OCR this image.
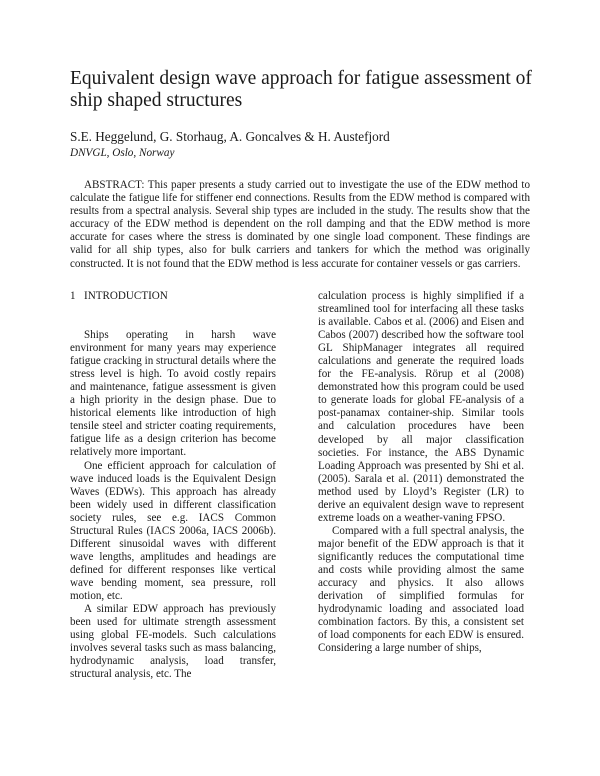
Equivalent design wave approach for fatigue assessment of ship shaped structures
S.E. Heggelund, G. Storhaug, A. Goncalves & H. Austefjord
DNVGL, Oslo, Norway

ABSTRACT: This paper presents a study carried out to investigate the use of the EDW method to calculate the fatigue life for stiffener end connections. Results from the EDW method is compared with results from a spectral analysis. Several ship types are included in the study. The results show that the accuracy of the EDW method is dependent on the roll damping and that the EDW method is more accurate for cases where the stress is dominated by one single load component. These findings are valid for all ship types, also for bulk carriers and tankers for which the method was originally constructed. It is not found that the EDW method is less accurate for container vessels or gas carriers.

1 INTRODUCTION

Ships operating in harsh wave environment for many years may experience fatigue cracking in structural details where the stress level is high. To avoid costly repairs and maintenance, fatigue assessment is given a high priority in the design phase. Due to historical elements like introduction of high tensile steel and stricter coating requirements, fatigue life as a design criterion has become relatively more important.

One efficient approach for calculation of wave induced loads is the Equivalent Design Waves (EDWs). This approach has already been widely used in different classification society rules, see e.g. IACS Common Structural Rules (IACS 2006a, IACS 2006b). Different sinusoidal waves with different wave lengths, amplitudes and headings are defined for different responses like vertical wave bending moment, sea pressure, roll motion, etc.

A similar EDW approach has previously been used for ultimate strength assessment using global FE-models. Such calculations involves several tasks such as mass balancing, hydrodynamic analysis, load transfer, structural analysis, etc. The

calculation process is highly simplified if a streamlined tool for interfacing all these tasks is available. Cabos et al. (2006) and Eisen and Cabos (2007) described how the software tool GL ShipManager integrates all required calculations and generate the required loads for the FE-analysis. Rörup et al (2008) demonstrated how this program could be used to generate loads for global FE-analysis of a post-panamax container-ship. Similar tools and calculation procedures have been developed by all major classification societies. For instance, the ABS Dynamic Loading Approach was presented by Shi et al. (2005). Sarala et al. (2011) demonstrated the method used by Lloyd’s Register (LR) to derive an equivalent design wave to represent extreme loads on a weather-vaning FPSO.

Compared with a full spectral analysis, the major benefit of the EDW approach is that it significantly reduces the computational time and costs while providing almost the same accuracy and physics. It also allows derivation of simplified formulas for hydrodynamic loading and associated load combination factors. By this, a consistent set of load components for each EDW is ensured. Considering a large number of ships,
